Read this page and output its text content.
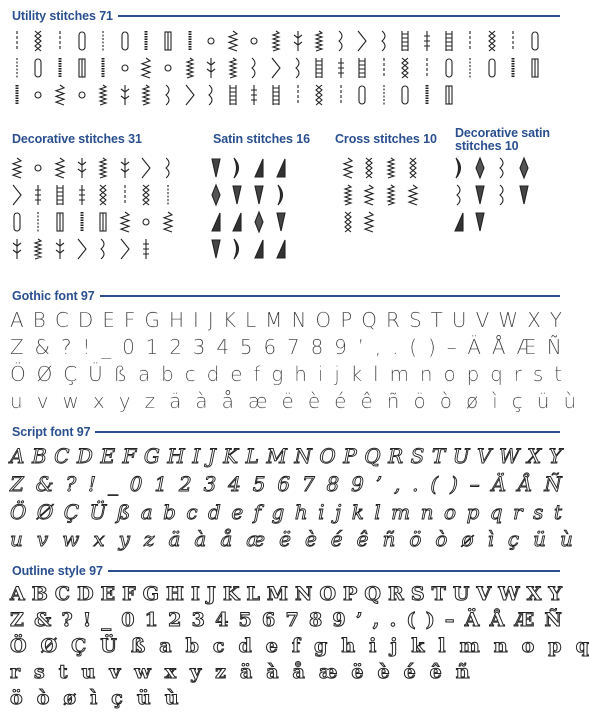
Utility stitches 71
Decorative stitches 31	Satin stitches 16 Cross stitches 10 Decorative satin
stitches 10
Gothic font 97
A B C D E F G H I J K L M N O P Q R S T U V W X Y
Z & ? ! _ 0 1 2 3 4 5 6 7 8 9 ’ , . ( ) – Ä Å Æ Ñ
Ö Ø Ç Ü ß a b c d e f g h i j k l m n o p q r s t
u v w x y z ä à å æ ë è é ê ñ ö ò ø ì ç ü ù
Script font 97
A B C D E F G H I J K L M N O P Q R S T U V W X Y
Z & ? ! _ 0 1 2 3 4 5 6 7 8 9 ’ , . ( ) – Ä Å Ñ
Ö Ø Ç Ü ß a b c d e f g h i j k l m n o p q r s t
u v w x y z ä à å æ ë è é ê ñ ö ò ø ì ç ü ù
Outline style 97
A B C D E F G H I J K L M N O P Q R S T U V W X Y
Z & ? ! _ 0 1 2 3 4 5 6 7 8 9 ’ , . ( ) – Ä Å Æ Ñ
Ö Ø Ç Ü ß a b c d e f g h i j k l m n o p q
r s t u v w x y z ä à å æ ë è é ê ñ
ö ò ø ì ç ü ù
